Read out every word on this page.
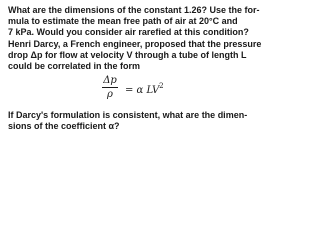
What are the dimensions of the constant 1.26? Use the for-
mula to estimate the mean free path of air at 20°C and
7 kPa. Would you consider air rarefied at this condition?
Henri Darcy, a French engineer, proposed that the pressure
drop Δp for flow at velocity V through a tube of length L
could be correlated in the form

Δp
ρ = α $LV^2$

If Darcy's formulation is consistent, what are the dimen-
sions of the coefficient α?
